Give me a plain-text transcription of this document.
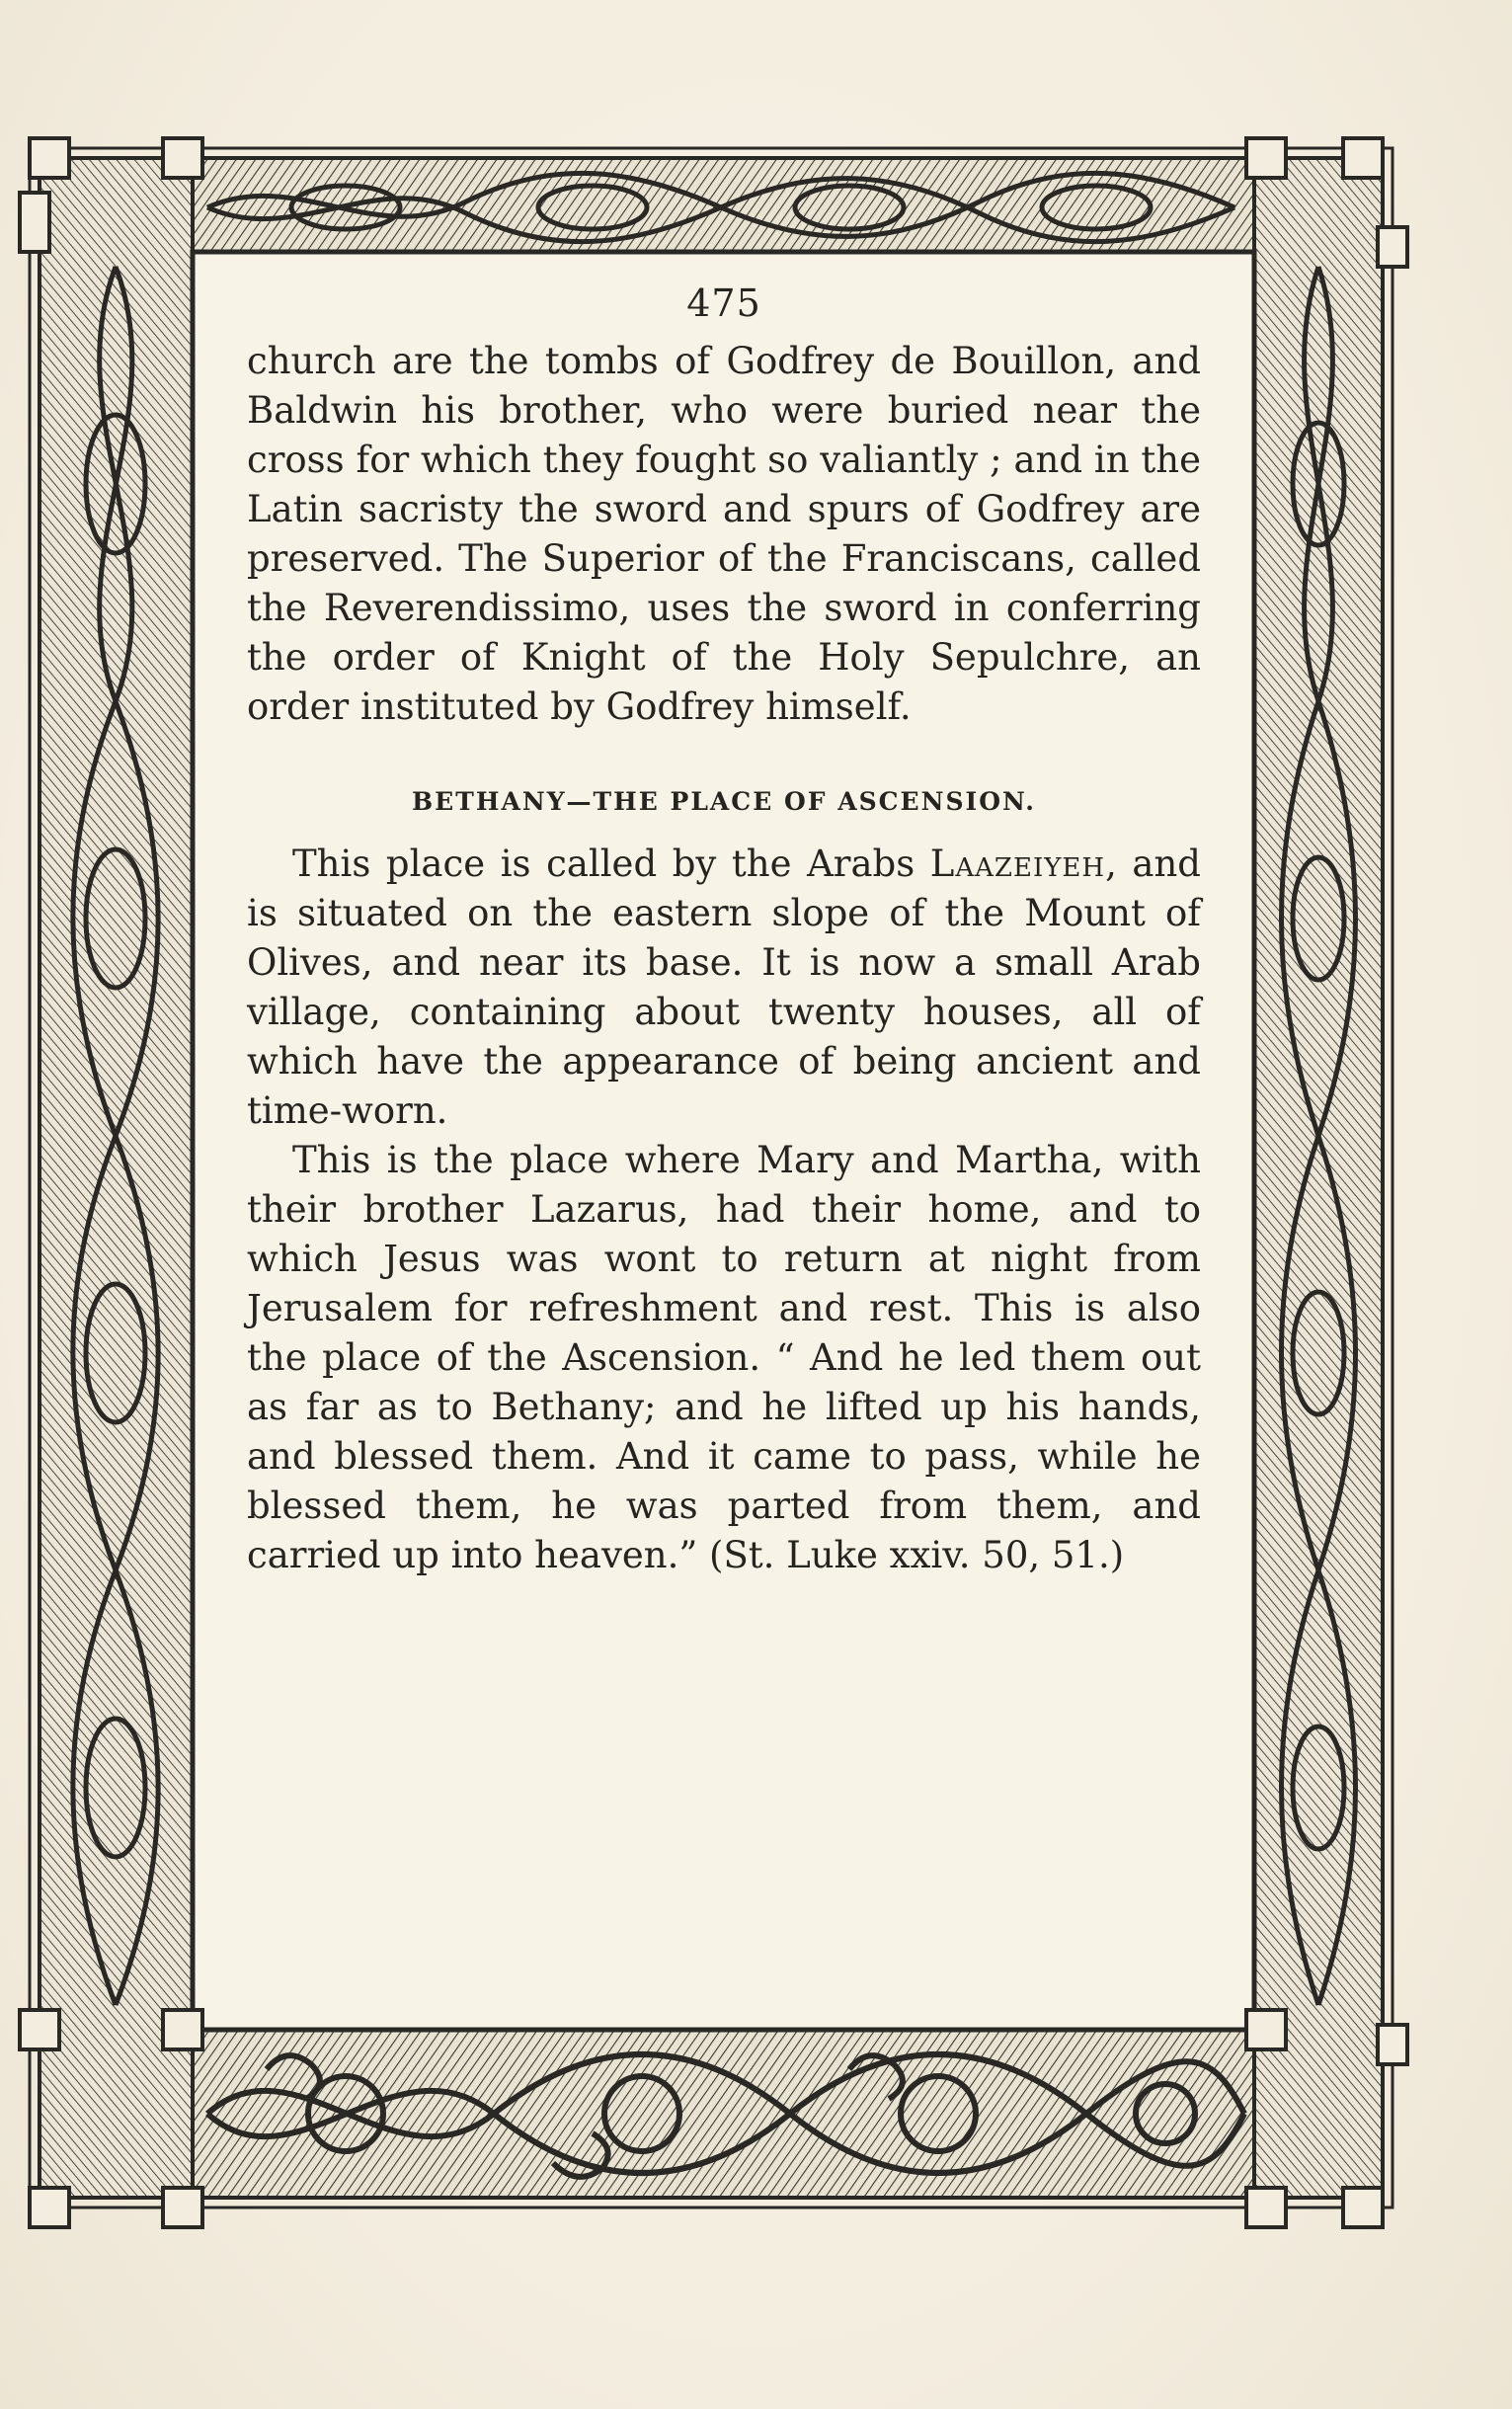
475

church are the tombs of Godfrey de Bouillon, and Baldwin his brother, who were buried near the cross for which they fought so valiantly ; and in the Latin sacristy the sword and spurs of Godfrey are preserved. The Superior of the Franciscans, called the Reverendissimo, uses the sword in conferring the order of Knight of the Holy Sepulchre, an order instituted by Godfrey himself.

BETHANY—THE PLACE OF ASCENSION.

This place is called by the Arabs Laazeiyeh, and is situated on the eastern slope of the Mount of Olives, and near its base. It is now a small Arab village, containing about twenty houses, all of which have the appearance of being ancient and time-worn.

This is the place where Mary and Martha, with their brother Lazarus, had their home, and to which Jesus was wont to return at night from Jerusalem for refreshment and rest. This is also the place of the Ascension. “ And he led them out as far as to Bethany; and he lifted up his hands, and blessed them. And it came to pass, while he blessed them, he was parted from them, and carried up into heaven.” (St. Luke xxiv. 50, 51.)
